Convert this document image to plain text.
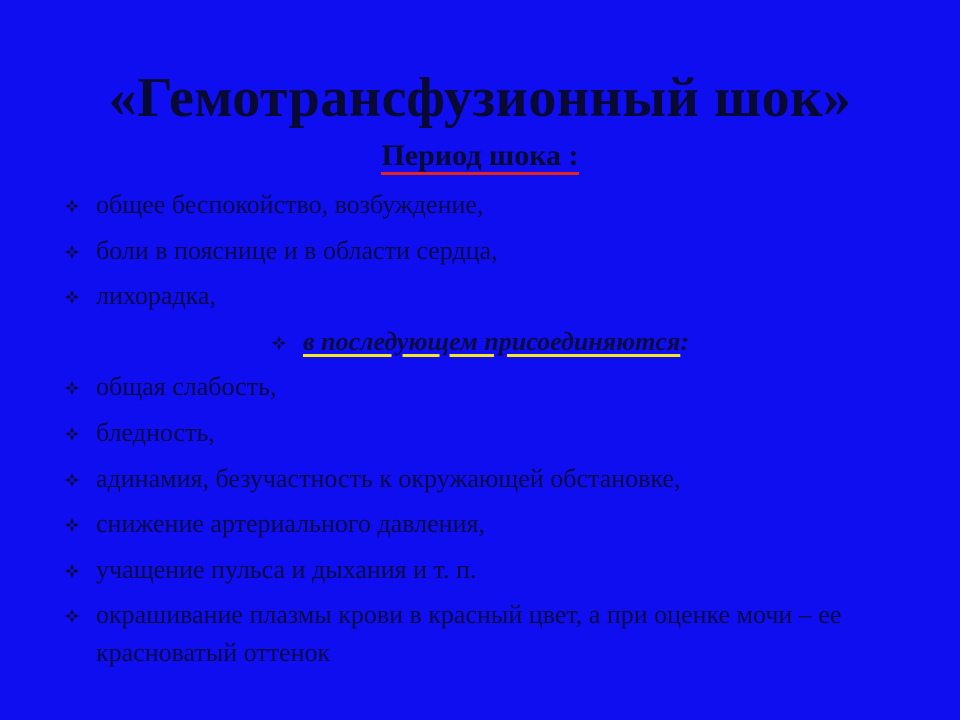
«Гемотрансфузионный шок»
Период шока :
общее беспокойство, возбуждение,
боли в пояснице и в области сердца,
лихорадка,
в последующем присоединяются:
общая слабость,
бледность,
адинамия, безучастность к окружающей обстановке,
снижение артериального давления,
учащение пульса и дыхания и т. п.
окрашивание плазмы крови в красный цвет, а при оценке мочи – ее красноватый оттенок
